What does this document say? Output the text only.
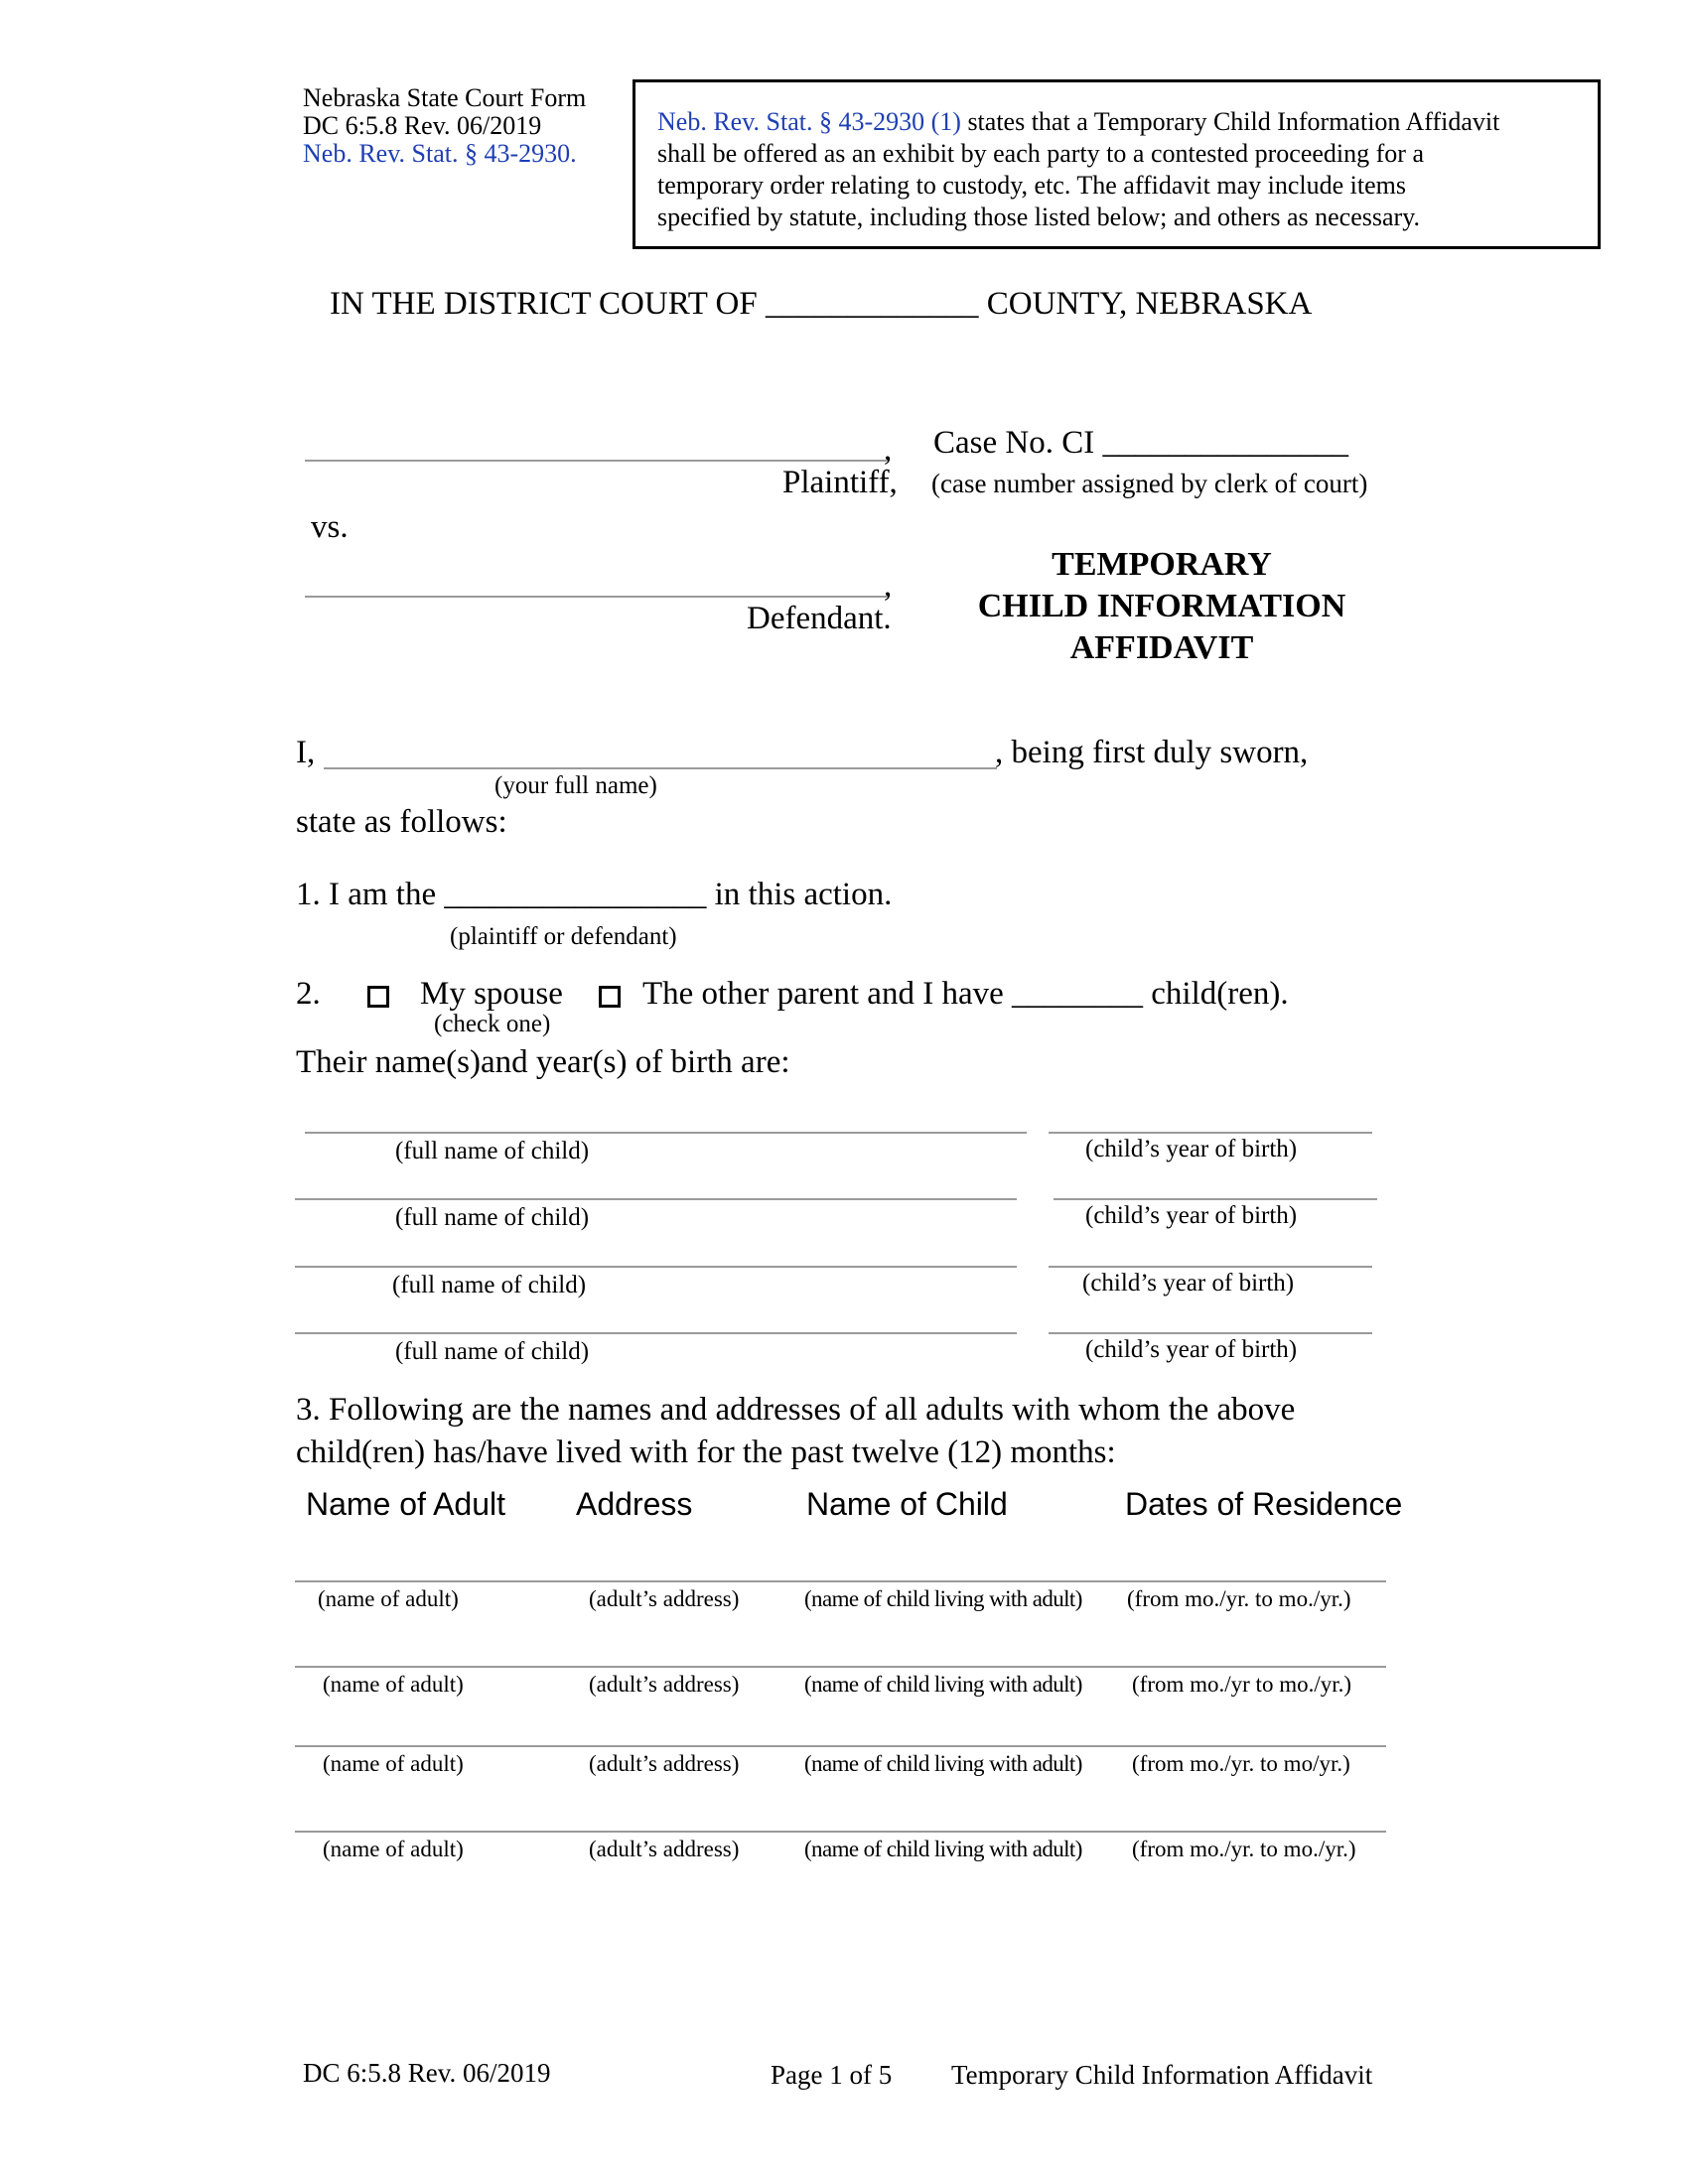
Nebraska State Court Form
DC 6:5.8 Rev. 06/2019
Neb. Rev. Stat. § 43-2930.
Neb. Rev. Stat. § 43-2930 (1) states that a Temporary Child Information Affidavit
shall be offered as an exhibit by each party to a contested proceeding for a
temporary order relating to custody, etc. The affidavit may include items
specified by statute, including those listed below; and others as necessary.
IN THE DISTRICT COURT OF _____________ COUNTY, NEBRASKA
,
Plaintiff,
vs.
,
Defendant.
Case No. CI _______________
(case number assigned by clerk of court)
TEMPORARY
CHILD INFORMATION
AFFIDAVIT
I,	, being first duly sworn,
(your full name)
state as follows:
1. I am the ________________ in this action.
(plaintiff or defendant)
2.	My spouse The other parent and I have ________ child(ren).
(check one)
Their name(s)and year(s) of birth are:
(full name of child)	(child’s year of birth)
(full name of child)	(child’s year of birth)
(full name of child)	(child’s year of birth)
(full name of child)	(child’s year of birth)
3. Following are the names and addresses of all adults with whom the above
child(ren) has/have lived with for the past twelve (12) months:
Name of Adult Address	Name of Child	Dates of Residence
(name of adult)	(adult’s address)	(name of child living with adult) (from mo./yr. to mo./yr.)
(name of adult)	(adult’s address)	(name of child living with adult) (from mo./yr to mo./yr.)
(name of adult)	(adult’s address)	(name of child living with adult) (from mo./yr. to mo/yr.)
(name of adult)	(adult’s address)	(name of child living with adult) (from mo./yr. to mo./yr.)
DC 6:5.8 Rev. 06/2019	Page 1 of 5 Temporary Child Information Affidavit
